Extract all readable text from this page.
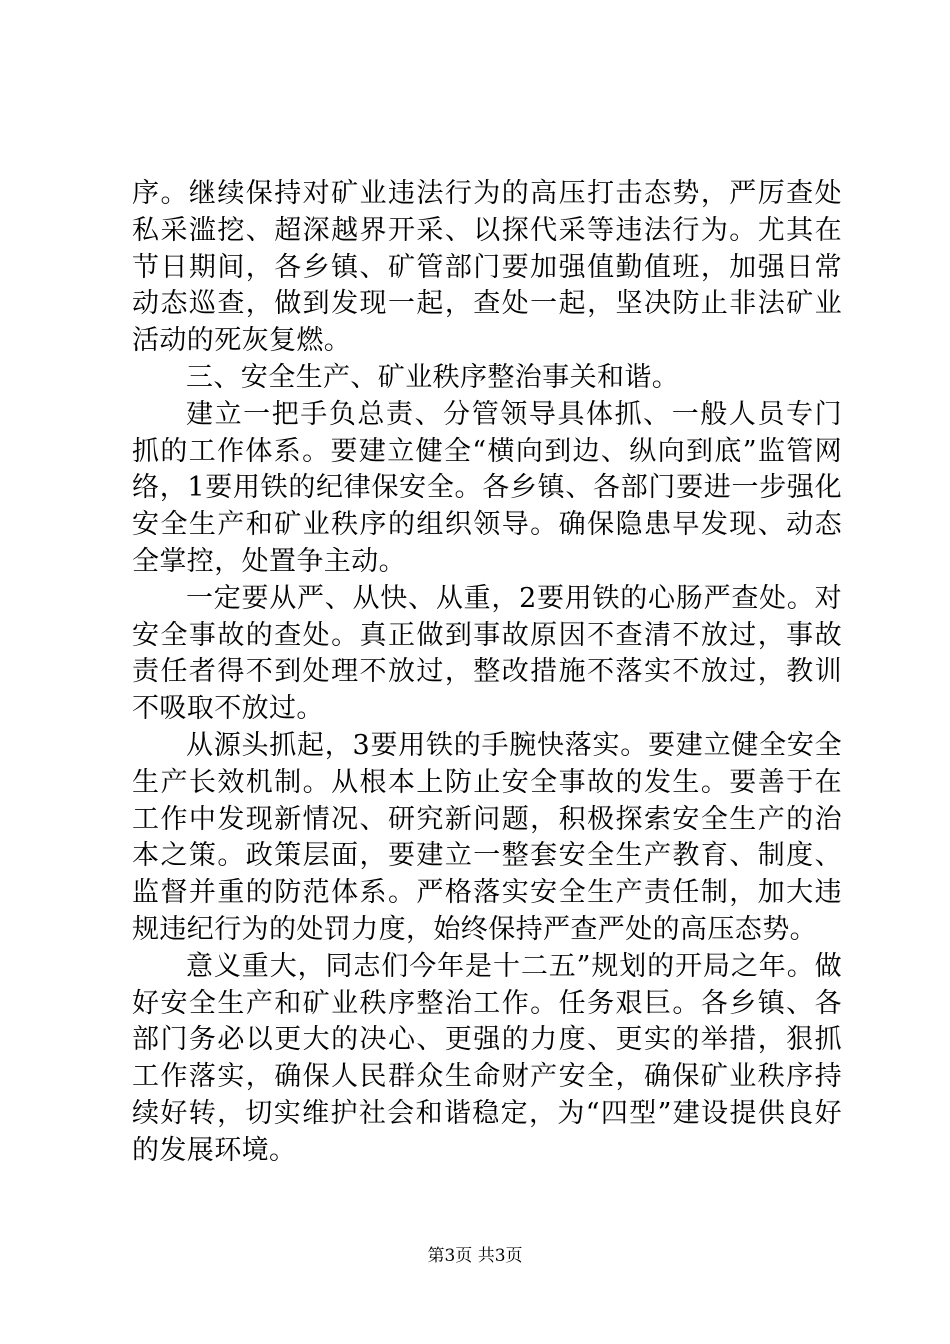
序。继续保持对矿业违法行为的高压打击态势，严厉查处私采滥挖、超深越界开采、以探代采等违法行为。尤其在节日期间，各乡镇、矿管部门要加强值勤值班，加强日常动态巡查，做到发现一起，查处一起，坚决防止非法矿业活动的死灰复燃。

三、安全生产、矿业秩序整治事关和谐。

建立一把手负总责、分管领导具体抓、一般人员专门抓的工作体系。要建立健全“横向到边、纵向到底”监管网络，1要用铁的纪律保安全。各乡镇、各部门要进一步强化安全生产和矿业秩序的组织领导。确保隐患早发现、动态全掌控，处置争主动。

一定要从严、从快、从重，2要用铁的心肠严查处。对安全事故的查处。真正做到事故原因不查清不放过，事故责任者得不到处理不放过，整改措施不落实不放过，教训不吸取不放过。

从源头抓起，3要用铁的手腕快落实。要建立健全安全生产长效机制。从根本上防止安全事故的发生。要善于在工作中发现新情况、研究新问题，积极探索安全生产的治本之策。政策层面，要建立一整套安全生产教育、制度、监督并重的防范体系。严格落实安全生产责任制，加大违规违纪行为的处罚力度，始终保持严查严处的高压态势。

意义重大，同志们今年是十二五”规划的开局之年。做好安全生产和矿业秩序整治工作。任务艰巨。各乡镇、各部门务必以更大的决心、更强的力度、更实的举措，狠抓工作落实，确保人民群众生命财产安全，确保矿业秩序持续好转，切实维护社会和谐稳定，为“四型”建设提供良好的发展环境。

第3页 共3页
